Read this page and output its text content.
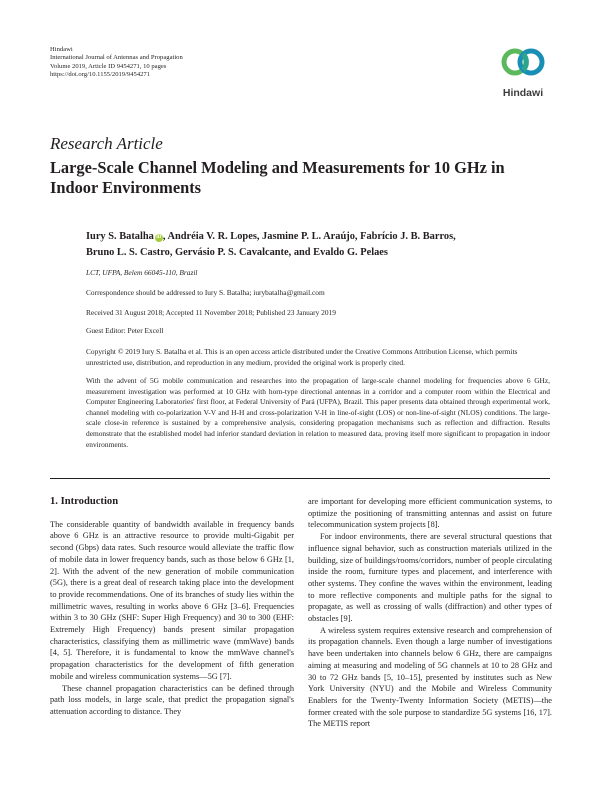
Hindawi
International Journal of Antennas and Propagation
Volume 2019, Article ID 9454271, 10 pages
https://doi.org/10.1155/2019/9454271
Hindawi
Research Article
Large-Scale Channel Modeling and Measurements for 10 GHz in Indoor Environments
Iury S. Batalha iD , Andréia V. R. Lopes, Jasmine P. L. Araújo, Fabrício J. B. Barros,
Bruno L. S. Castro, Gervásio P. S. Cavalcante, and Evaldo G. Pelaes
LCT, UFPA, Belem 66045-110, Brazil
Correspondence should be addressed to Iury S. Batalha; iurybatalha@gmail.com
Received 31 August 2018; Accepted 11 November 2018; Published 23 January 2019
Guest Editor: Peter Excell
Copyright © 2019 Iury S. Batalha et al. This is an open access article distributed under the Creative Commons Attribution License, which permits unrestricted use, distribution, and reproduction in any medium, provided the original work is properly cited.
With the advent of 5G mobile communication and researches into the propagation of large-scale channel modeling for frequencies above 6 GHz, measurement investigation was performed at 10 GHz with horn-type directional antennas in a corridor and a computer room within the Electrical and Computer Engineering Laboratories' first floor, at Federal University of Pará (UFPA), Brazil. This paper presents data obtained through experimental work, channel modeling with co-polarization V-V and H-H and cross-polarization V-H in line-of-sight (LOS) or non-line-of-sight (NLOS) conditions. The large-scale close-in reference is sustained by a comprehensive analysis, considering propagation mechanisms such as reflection and diffraction. Results demonstrate that the established model had inferior standard deviation in relation to measured data, proving itself more significant to propagation in indoor environments.
1. Introduction

The considerable quantity of bandwidth available in frequency bands above 6 GHz is an attractive resource to provide multi-Gigabit per second (Gbps) data rates. Such resource would alleviate the traffic flow of mobile data in lower frequency bands, such as those below 6 GHz [1, 2]. With the advent of the new generation of mobile communication (5G), there is a great deal of research taking place into the development to provide recommendations. One of its branches of study lies within the millimetric waves, resulting in works above 6 GHz [3–6]. Frequencies within 3 to 30 GHz (SHF: Super High Frequency) and 30 to 300 (EHF: Extremely High Frequency) bands present similar propagation characteristics, classifying them as millimetric wave (mmWave) bands [4, 5]. Therefore, it is fundamental to know the mmWave channel's propagation characteristics for the development of fifth generation mobile and wireless communication systems—5G [7].

These channel propagation characteristics can be defined through path loss models, in large scale, that predict the propagation signal's attenuation according to distance. They

are important for developing more efficient communication systems, to optimize the positioning of transmitting antennas and assist on future telecommunication system projects [8].

For indoor environments, there are several structural questions that influence signal behavior, such as construction materials utilized in the building, size of buildings/rooms/corridors, number of people circulating inside the room, furniture types and placement, and interference with other systems. They confine the waves within the environment, leading to more reflective components and multiple paths for the signal to propagate, as well as crossing of walls (diffraction) and other types of obstacles [9].

A wireless system requires extensive research and comprehension of its propagation channels. Even though a large number of investigations have been undertaken into channels below 6 GHz, there are campaigns aiming at measuring and modeling of 5G channels at 10 to 28 GHz and 30 to 72 GHz bands [5, 10–15], presented by institutes such as New York University (NYU) and the Mobile and Wireless Community Enablers for the Twenty-Twenty Information Society (METIS)—the former created with the sole purpose to standardize 5G systems [16, 17]. The METIS report
